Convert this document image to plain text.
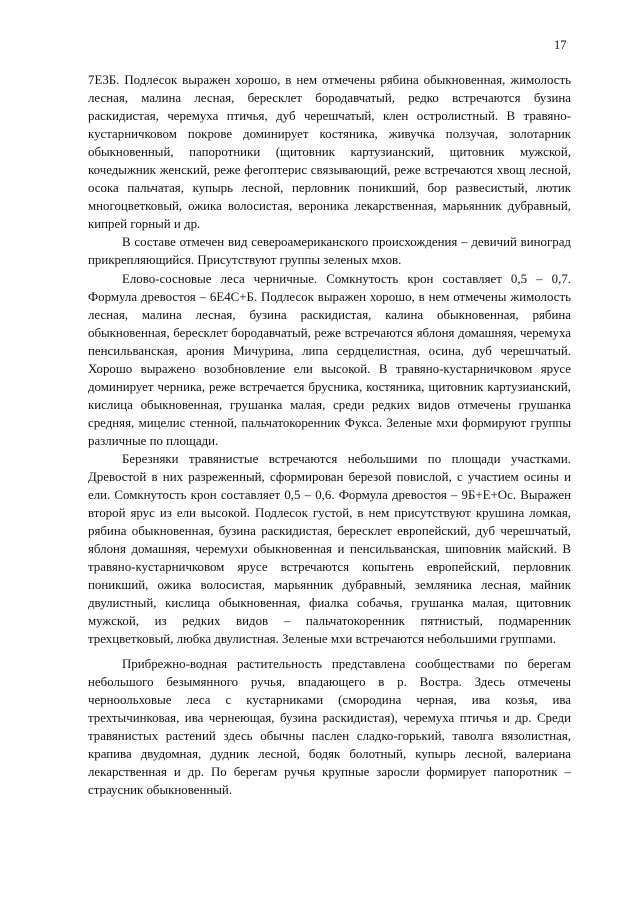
17

7Е3Б. Подлесок выражен хорошо, в нем отмечены рябина обыкновенная, жимолость лесная, малина лесная, бересклет бородавчатый, редко встречаются бузина раскидистая, черемуха птичья, дуб черешчатый, клен остролистный. В травяно-кустарничковом покрове доминирует костяника, живучка ползучая, золотарник обыкновенный, папоротники (щитовник картузианский, щитовник мужской, кочедыжник женский, реже фегоптерис связывающий, реже встречаются хвощ лесной, осока пальчатая, купырь лесной, перловник поникший, бор развесистый, лютик многоцветковый, ожика волосистая, вероника лекарственная, марьянник дубравный, кипрей горный и др.

В составе отмечен вид североамериканского происхождения – девичий виноград прикрепляющийся. Присутствуют группы зеленых мхов.

Елово-сосновые леса черничные. Сомкнутость крон составляет 0,5 – 0,7. Формула древостоя – 6Е4С+Б. Подлесок выражен хорошо, в нем отмечены жимолость лесная, малина лесная, бузина раскидистая, калина обыкновенная, рябина обыкновенная, бересклет бородавчатый, реже встречаются яблоня домашняя, черемуха пенсильванская, арония Мичурина, липа сердцелистная, осина, дуб черешчатый. Хорошо выражено возобновление ели высокой. В травяно-кустарничковом ярусе доминирует черника, реже встречается брусника, костяника, щитовник картузианский, кислица обыкновенная, грушанка малая, среди редких видов отмечены грушанка средняя, мицелис стенной, пальчатокоренник Фукса. Зеленые мхи формируют группы различные по площади.

Березняки травянистые встречаются небольшими по площади участками. Древостой в них разреженный, сформирован березой повислой, с участием осины и ели. Сомкнутость крон составляет 0,5 – 0,6. Формула древостоя – 9Б+Е+Ос. Выражен второй ярус из ели высокой. Подлесок густой, в нем присутствуют крушина ломкая, рябина обыкновенная, бузина раскидистая, бересклет европейский, дуб черешчатый, яблоня домашняя, черемухи обыкновенная и пенсильванская, шиповник майский. В травяно-кустарничковом ярусе встречаются копытень европейский, перловник поникший, ожика волосистая, марьянник дубравный, земляника лесная, майник двулистный, кислица обыкновенная, фиалка собачья, грушанка малая, щитовник мужской, из редких видов – пальчатокоренник пятнистый, подмаренник трехцветковый, любка двулистная. Зеленые мхи встречаются небольшими группами.

Прибрежно-водная растительность представлена сообществами по берегам небольшого безымянного ручья, впадающего в р. Востра. Здесь отмечены черноольховые леса с кустарниками (смородина черная, ива козья, ива трехтычинковая, ива чернеющая, бузина раскидистая), черемуха птичья и др. Среди травянистых растений здесь обычны паслен сладко-горький, таволга вязолистная, крапива двудомная, дудник лесной, бодяк болотный, купырь лесной, валериана лекарственная и др. По берегам ручья крупные заросли формирует папоротник – страусник обыкновенный.
